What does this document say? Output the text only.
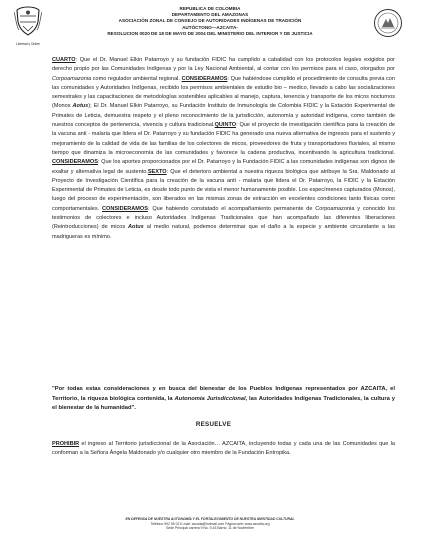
Libertad y Orden
REPUBLICA DE COLOMBIA
DEPARTAMENTO DEL AMAZONAS
ASOCIACIÓN ZONAL DE CONSEJO DE AUTORIDADES INDÍGENAS DE TRADICIÓN
AUTÓCTONO—AZCAITA-
RESOLUCION 0020 DE 18 DE MAYO DE 2004 DEL MINISTERIO DEL INTERIOR Y DE JUSTICIA

CUARTO: Que el Dr. Manuel Elkin Patarroyo y su fundación FIDIC ha cumplido a cabalidad con los protocolos legales exigidos por derecho propio por las Comunidades Indígenas y por la Ley Nacional Ambiental, al contar con los permisos para el caso, otorgados por Corpoamazonia como regulador ambiental regional. CONSIDERAMOS: Que habiéndose cumplido el procedimiento de consulta previa con las comunidades y Autoridades Indígenas, recibido los permisos ambientales de estudio bio – medico, llevado a cabo las socializaciones semestrales y las capacitaciones de metodologías sostenibles aplicables al manejo, captura, tenencia y transporte de los micos nocturnos (Monos Aotus); El Dr. Manuel Elkin Patarroyo, su Fundación Instituto de Inmunología de Colombia FIDIC y la Estación Experimental de Primates de Leticia, demuestra respeto y el pleno reconocimiento de la jurisdicción, autonomía y autoridad indígena, como también de nuestros conceptos de pertenencia, vivencia y cultura tradicional.QUINTO: Que el proyecto de investigación científica para la creación de la vacuna anti - malaria que lidera el Dr. Patarroyo y su fundación FIDIC ha generado una nueva alternativa de ingresos para el sustento y mejoramiento de la calidad de vida de las familias de los colectores de micos, proveedores de fruta y transportadores fluviales, al mismo tiempo que dinamiza la microeconomía de las comunidades y favorece la cadena productiva, incentivando la agricultura tradicional. CONSIDERAMOS: Que los aportes proporcionados por el Dr. Patarroyo y la Fundación FIDIC a las comunidades indígenas son dignos de exaltar y alternativa legal de sustento.SEXTO: Que el deterioro ambiental a nuestra riqueza biológica que atribuye la Sra. Maldonado al Proyecto de Investigación Científica para la creación de la vacuna anti - malaria que lidera el Dr. Patarroyo, la FIDIC y la Estación Experimental de Primates de Leticia, es desde todo punto de vista el menor humanamente posible. Los especímenes capturados (Monos), luego del proceso de experimentación, son liberados en las mismas zonas de extracción en excelentes condiciones tanto físicas como comportamentales. CONSIDERAMOS: Que habiendo constatado el acompañamiento permanente de Corpoamazonia y conocido los testimonios de colectores e incluso Autoridades Indígenas Tradicionales que han acompañado las diferentes liberaciones (Reintroducciones) de micos Aotus al medio natural, podemos determinar que el daño a la especie y ambiente circundante a las madrigueras es mínimo.

"Por todas estas consideraciones y en busca del bienestar de los Pueblos Indígenas representados por AZCAITA, el Territorio, la riqueza biológica contenida, la Autonomía Jurisdiccional, las Autoridades Indígenas Tradicionales, la cultura y el bienestar de la humanidad".
RESUELVE
PROHIBIR el ingreso al Territorio jurisdiccional de la Asociación… AZCAITA, incluyendo todas y cada una de las Comunidades que la conforman a la Señora Ángela Maldonado y/o cualquier otro miembro de la Fundación Entropika.
EN DEFENSA DE NUESTRA AUTONOMÍA Y EL FORTALECIMIENTO DE NUESTRA IDENTIDAD CULTURAL
Teléfono 592 59 02 E-mail: azcaita@hotmail.com Página web: www.azcaita.org
Sede Principal carrera 9 No. 9-43 Barrio: 11 de Noviembre
